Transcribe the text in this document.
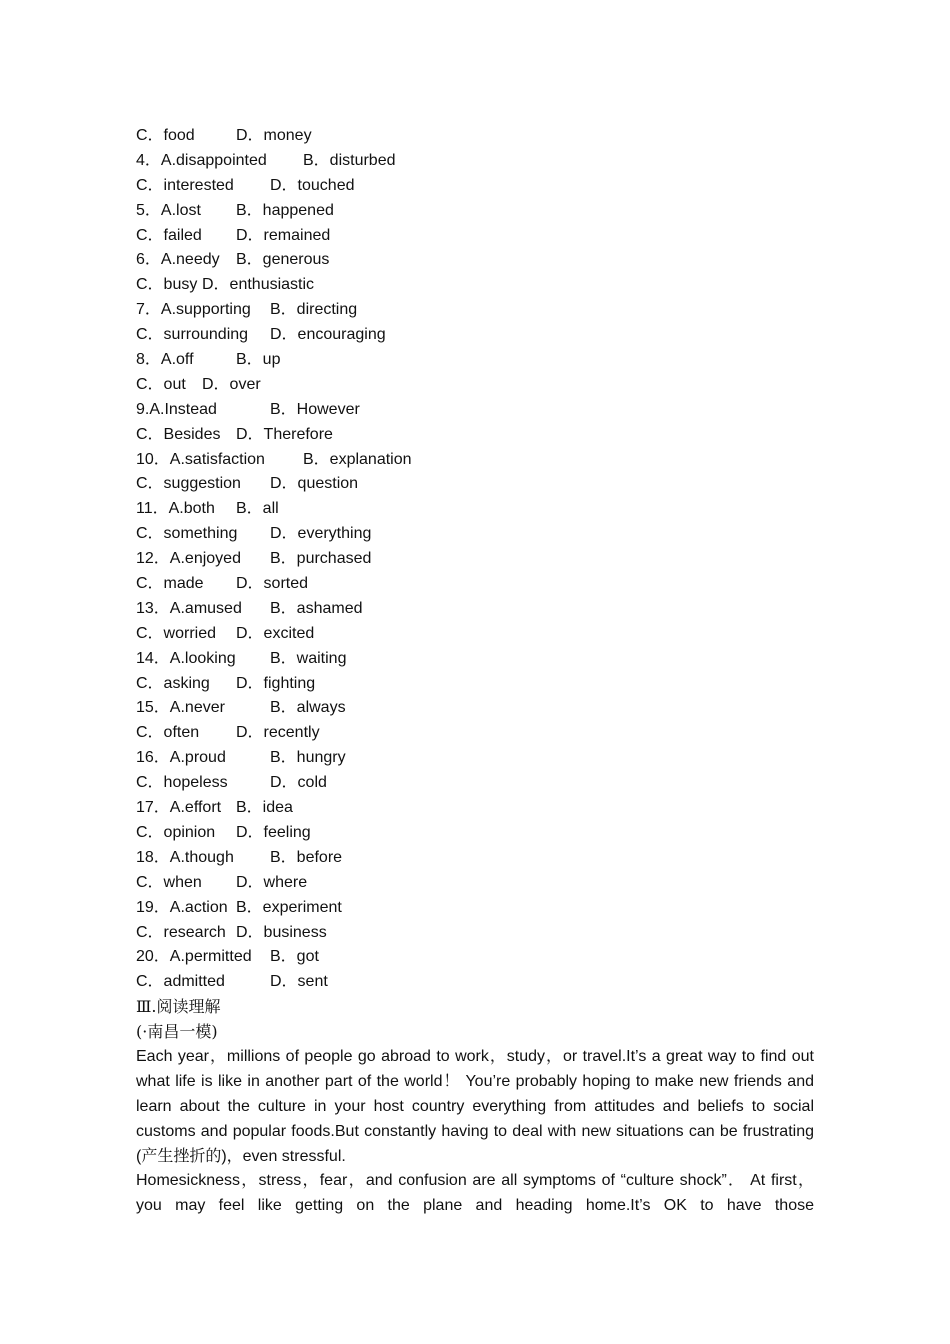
C．food	D．money
4．A.disappointed B．disturbed
C．interested D．touched
5．A.lost B．happened
C．failed D．remained
6．A.needy B．generous
C．busy D．enthusiastic
7．A.supporting B．directing
C．surrounding D．encouraging
8．A.off	B．up
C．out D．over
9.A.Instead	B．However
C．Besides D．Therefore
10．A.satisfaction B．explanation
C．suggestion D．question
11．A.both B．all
C．something D．everything
12．A.enjoyed B．purchased
C．made D．sorted
13．A.amused B．ashamed
C．worried D．excited
14．A.looking B．waiting
C．asking D．fighting
15．A.never	B．always
C．often D．recently
16．A.proud	B．hungry
C．hopeless	D．cold
17．A.effort B．idea
C．opinion D．feeling
18．A.though B．before
C．when D．where
19．A.action B．experiment
C．research D．business
20．A.permitted B．got
C．admitted	D．sent
Ⅲ.阅读理解
(·南昌一模)
Each year，millions of people go abroad to work，study，or travel.It’s a great way to find out what life is like in another part of the world！ You’re probably hoping to make new friends and learn about the culture in your host country everything from attitudes and beliefs to social customs and popular foods.But constantly having to deal with new situations can be frustrating (产生挫折的)，even stressful.
Homesickness，stress，fear，and confusion are all symptoms of “culture shock”． At first， you may feel like getting on the plane and heading home.It’s OK to have those
